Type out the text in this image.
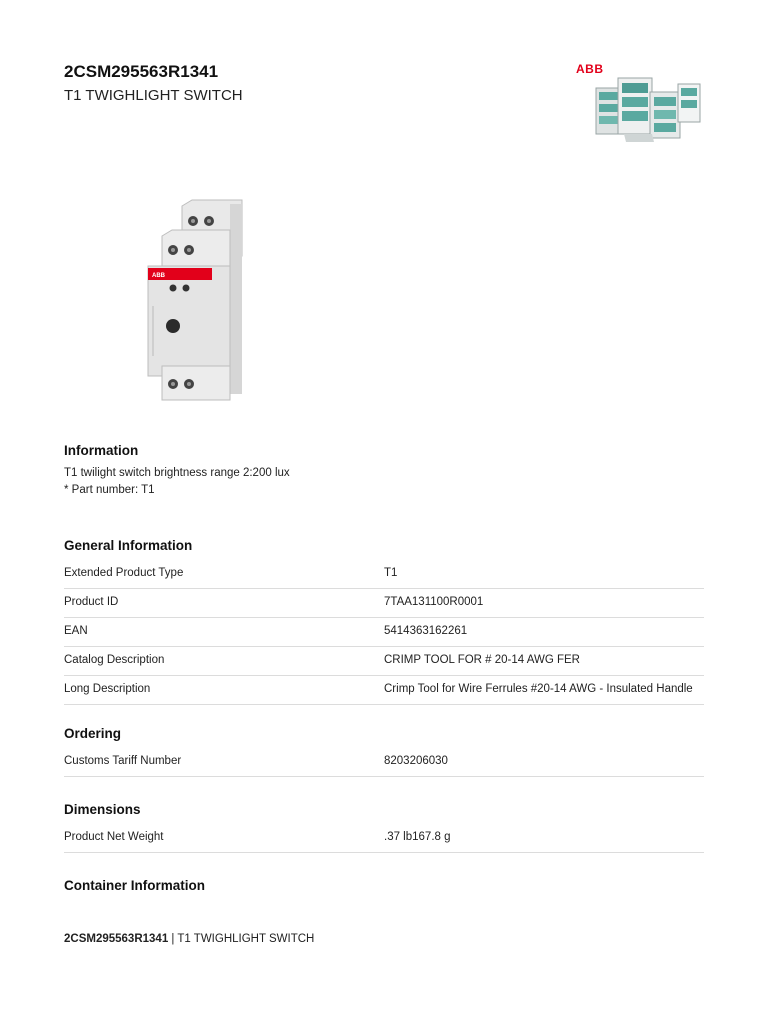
2CSM295563R1341
T1 TWIGHLIGHT SWITCH
ABB
ABB
Information
T1 twilight switch brightness range 2:200 lux
* Part number: T1
General Information
Extended Product Type	T1
Product ID	7TAA131100R0001
EAN	5414363162261
Catalog Description	CRIMP TOOL FOR # 20-14 AWG FER
Long Description	Crimp Tool for Wire Ferrules #20-14 AWG - Insulated Handle
Ordering
Customs Tariff Number	8203206030
Dimensions
Product Net Weight	.37 lb167.8 g
Container Information
2CSM295563R1341 | T1 TWIGHLIGHT SWITCH
